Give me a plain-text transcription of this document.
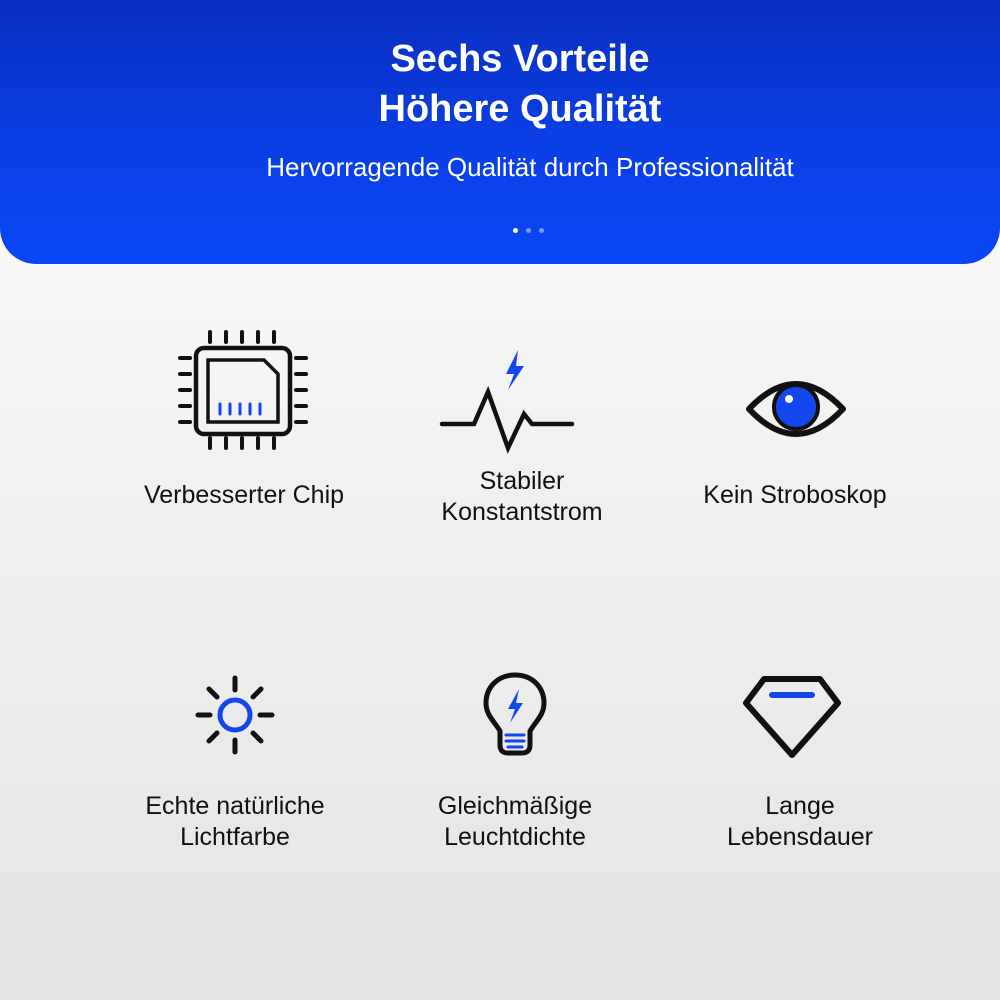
Sechs Vorteile
Höhere Qualität
Hervorragende Qualität durch Professionalität
Verbesserter Chip	Stabiler
Konstantstrom
Kein Stroboskop
Echte natürliche
Lichtfarbe
Gleichmäßige
Leuchtdichte
Lange
Lebensdauer
